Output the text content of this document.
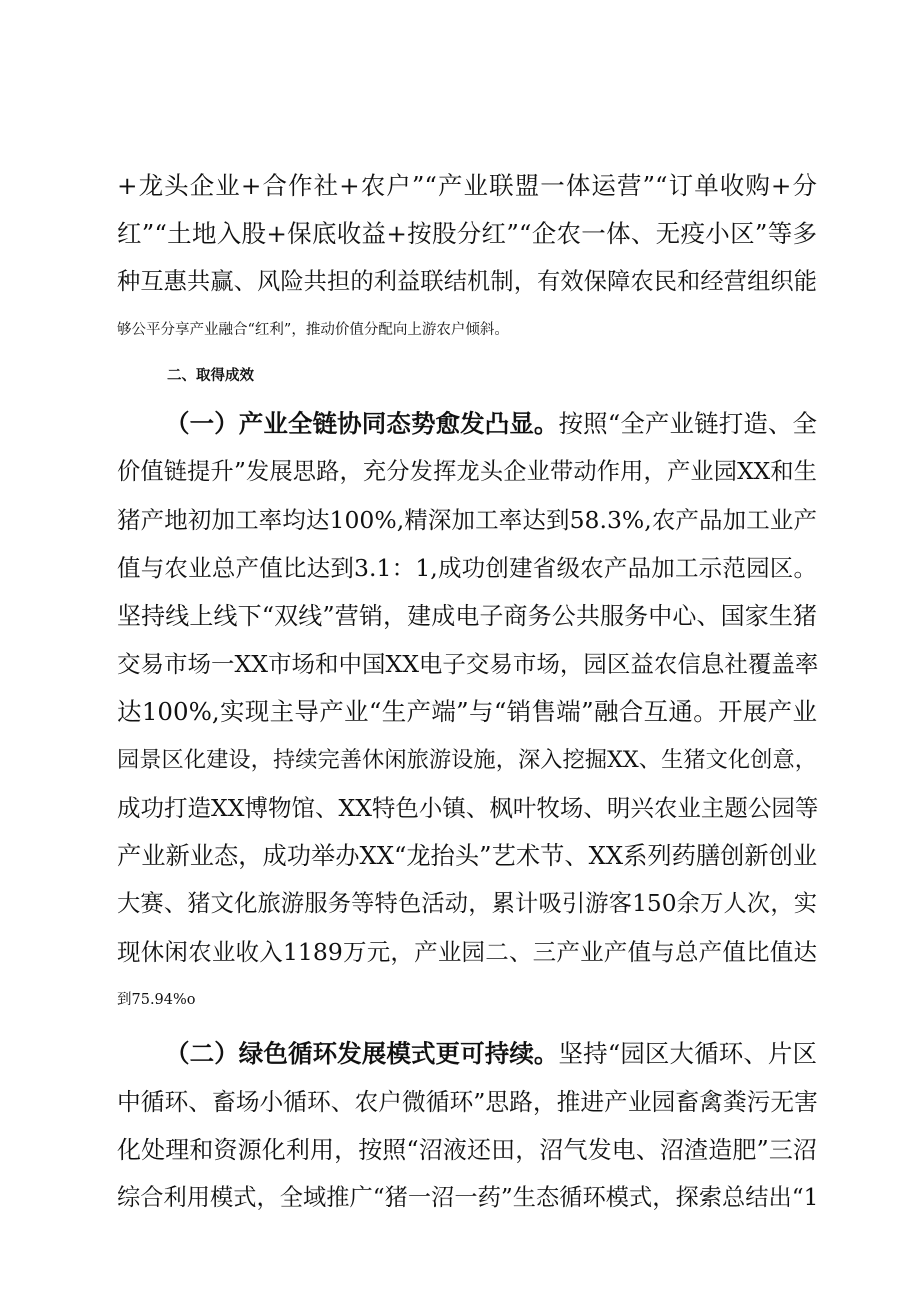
+龙头企业+合作社+农户”“产业联盟一体运营”“订单收购+分
红”“土地入股+保底收益+按股分红”“企农一体、无疫小区”等多
种互惠共赢、风险共担的利益联结机制，有效保障农民和经营组织能
够公平分享产业融合“红利”，推动价值分配向上游农户倾斜。
二、取得成效
（一）产业全链协同态势愈发凸显。按照“全产业链打造、全
价值链提升”发展思路，充分发挥龙头企业带动作用，产业园XX和生
猪产地初加工率均达100%,精深加工率达到58.3%,农产品加工业产
值与农业总产值比达到3.1：1,成功创建省级农产品加工示范园区。
坚持线上线下“双线”营销，建成电子商务公共服务中心、国家生猪
交易市场一XX市场和中国XX电子交易市场，园区益农信息社覆盖率
达100%,实现主导产业“生产端”与“销售端”融合互通。开展产业
园景区化建设，持续完善休闲旅游设施，深入挖掘XX、生猪文化创意，
成功打造XX博物馆、XX特色小镇、枫叶牧场、明兴农业主题公园等
产业新业态，成功举办XX“龙抬头”艺术节、XX系列药膳创新创业
大赛、猪文化旅游服务等特色活动，累计吸引游客150余万人次，实
现休闲农业收入1189万元，产业园二、三产业产值与总产值比值达
到75.94%o
（二）绿色循环发展模式更可持续。坚持“园区大循环、片区
中循环、畜场小循环、农户微循环”思路，推进产业园畜禽粪污无害
化处理和资源化利用，按照“沼液还田，沼气发电、沼渣造肥”三沼
综合利用模式，全域推广“猪一沼一药”生态循环模式，探索总结出“1
